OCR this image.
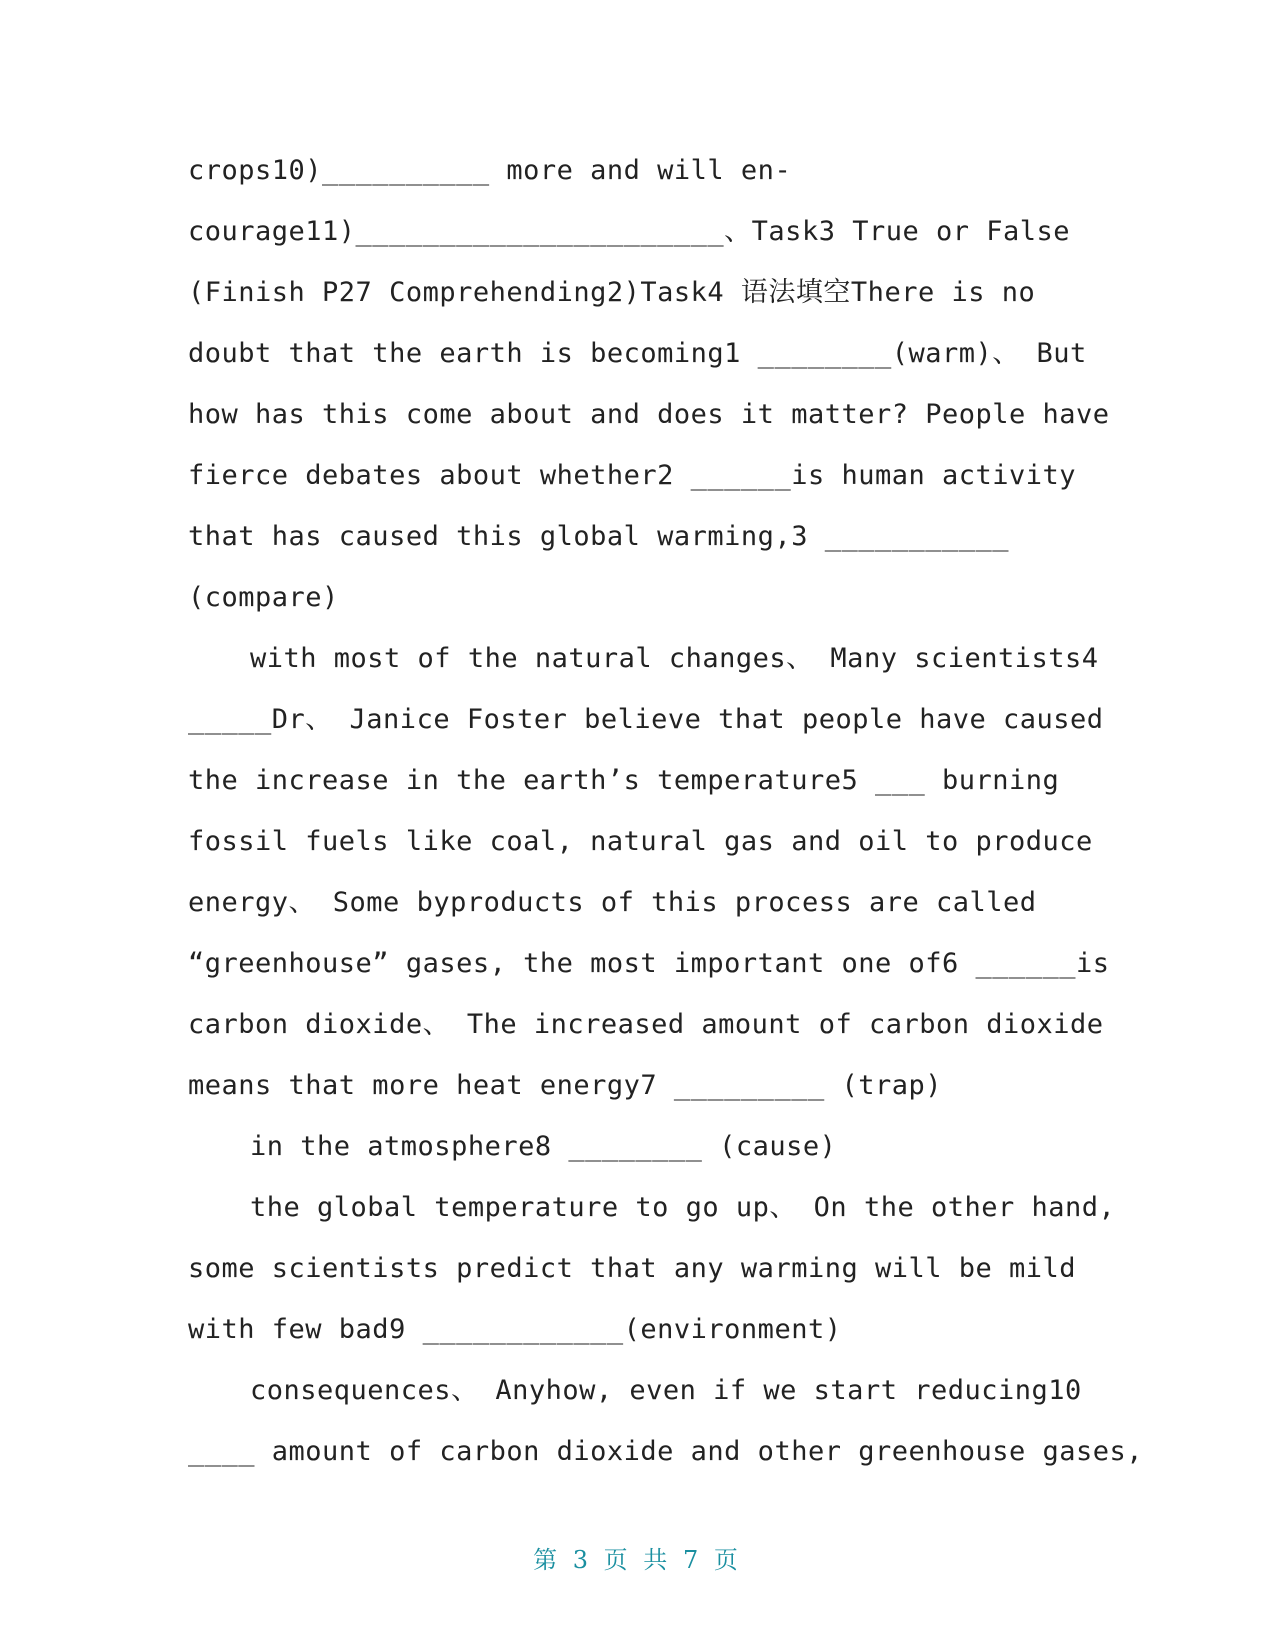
crops10)__________ more and will en-
courage11)______________________、Task3 True or False
(Finish P27 Comprehending2)Task4 语法填空There is no
doubt that the earth is becoming1 ________(warm)、 But
how has this come about and does it matter? People have
fierce debates about whether2 ______is human activity
that has caused this global warming,3 ___________
(compare)
with most of the natural changes、 Many scientists4
_____Dr、 Janice Foster believe that people have caused
the increase in the earth’s temperature5 ___ burning
fossil fuels like coal, natural gas and oil to produce
energy、 Some byproducts of this process are called
“greenhouse” gases, the most important one of6 ______is
carbon dioxide、 The increased amount of carbon dioxide
means that more heat energy7 _________ (trap)
in the atmosphere8 ________ (cause)
the global temperature to go up、 On the other hand,
some scientists predict that any warming will be mild
with few bad9 ____________(environment)
consequences、 Anyhow, even if we start reducing10
____ amount of carbon dioxide and other greenhouse gases,
第 3 页 共 7 页
